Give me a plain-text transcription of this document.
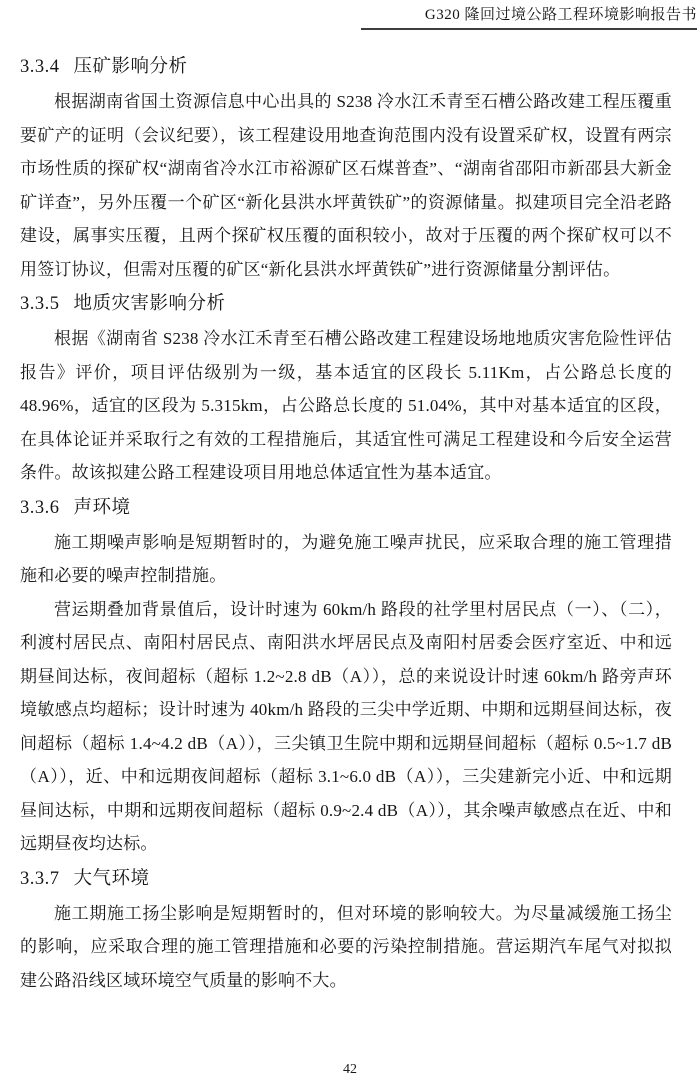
G320 隆回过境公路工程环境影响报告书
3.3.4 压矿影响分析

根据湖南省国土资源信息中心出具的 S238 冷水江禾青至石槽公路改建工程压覆重要矿产的证明（会议纪要），该工程建设用地查询范围内没有设置采矿权，设置有两宗市场性质的探矿权“湖南省冷水江市裕源矿区石煤普查”、“湖南省邵阳市新邵县大新金矿详查”，另外压覆一个矿区“新化县洪水坪黄铁矿”的资源储量。拟建项目完全沿老路建设，属事实压覆，且两个探矿权压覆的面积较小，故对于压覆的两个探矿权可以不用签订协议，但需对压覆的矿区“新化县洪水坪黄铁矿”进行资源储量分割评估。

3.3.5 地质灾害影响分析

根据《湖南省 S238 冷水江禾青至石槽公路改建工程建设场地地质灾害危险性评估报告》评价，项目评估级别为一级，基本适宜的区段长 5.11Km，占公路总长度的 48.96%，适宜的区段为 5.315km，占公路总长度的 51.04%，其中对基本适宜的区段，在具体论证并采取行之有效的工程措施后，其适宜性可满足工程建设和今后安全运营条件。故该拟建公路工程建设项目用地总体适宜性为基本适宜。

3.3.6 声环境

施工期噪声影响是短期暂时的，为避免施工噪声扰民，应采取合理的施工管理措施和必要的噪声控制措施。

营运期叠加背景值后，设计时速为 60km/h 路段的社学里村居民点（一）、（二），利渡村居民点、南阳村居民点、南阳洪水坪居民点及南阳村居委会医疗室近、中和远期昼间达标，夜间超标（超标 1.2~2.8 dB（A）），总的来说设计时速 60km/h 路旁声环境敏感点均超标；设计时速为 40km/h 路段的三尖中学近期、中期和远期昼间达标，夜间超标（超标 1.4~4.2 dB（A）），三尖镇卫生院中期和远期昼间超标（超标 0.5~1.7 dB（A）），近、中和远期夜间超标（超标 3.1~6.0 dB（A）），三尖建新完小近、中和远期昼间达标，中期和远期夜间超标（超标 0.9~2.4 dB（A）），其余噪声敏感点在近、中和远期昼夜均达标。

3.3.7 大气环境

施工期施工扬尘影响是短期暂时的，但对环境的影响较大。为尽量减缓施工扬尘的影响，应采取合理的施工管理措施和必要的污染控制措施。营运期汽车尾气对拟拟建公路沿线区域环境空气质量的影响不大。

42
